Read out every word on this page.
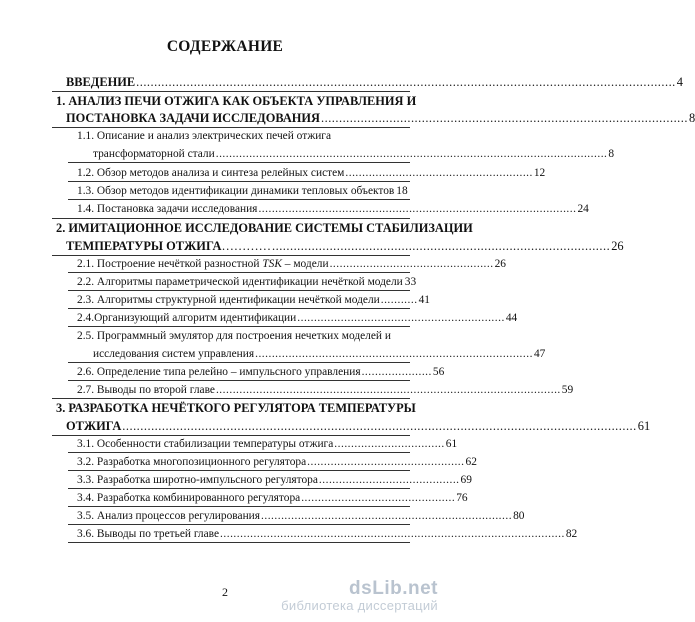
СОДЕРЖАНИЕ
ВВЕДЕНИЕ ...................................................................................................................................................... 4
1. АНАЛИЗ ПЕЧИ ОТЖИГА КАК ОБЪЕКТА УПРАВЛЕНИЯ И
ПОСТАНОВКА ЗАДАЧИ ИССЛЕДОВАНИЯ ...................................................................................................... 8
1.1. Описание и анализ электрических печей отжига
трансформаторной стали ..................................................................................................................... 8
1.2. Обзор методов анализа и синтеза релейных систем ........................................................ 12
1.3. Обзор методов идентификации динамики тепловых объектов 18
1.4. Постановка задачи исследования ............................................................................................... 24
2. ИМИТАЦИОННОЕ ИССЛЕДОВАНИЕ СИСТЕМЫ СТАБИЛИЗАЦИИ
ТЕМПЕРАТУРЫ ОТЖИГА ………… .............................................................................................. 26
2.1. Построение нечёткой разностной TSK – модели ................................................. 26
2.2. Алгоритмы параметрической идентификации нечёткой модели 33
2.3. Алгоритмы структурной идентификации нечёткой модели ........... 41
2.4.Организующий алгоритм идентификации .............................................................. 44
2.5. Программный эмулятор для построения нечетких моделей и
исследования систем управления ................................................................................... 47
2.6. Определение типа релейно – импульсного управления ..................... 56
2.7. Выводы по второй главе ....................................................................................................... 59
3. РАЗРАБОТКА НЕЧЁТКОГО РЕГУЛЯТОРА ТЕМПЕРАТУРЫ
ОТЖИГА ............................................................................................................................................... 61
3.1. Особенности стабилизации температуры отжига ................................. 61
3.2. Разработка многопозиционного регулятора ............................................... 62
3.3. Разработка широтно-импульсного регулятора .......................................... 69
3.4. Разработка комбинированного регулятора .............................................. 76
3.5. Анализ процессов регулирования ........................................................................... 80
3.6. Выводы по третьей главе ....................................................................................................... 82
2	dsLib.net
библиотека диссертаций
